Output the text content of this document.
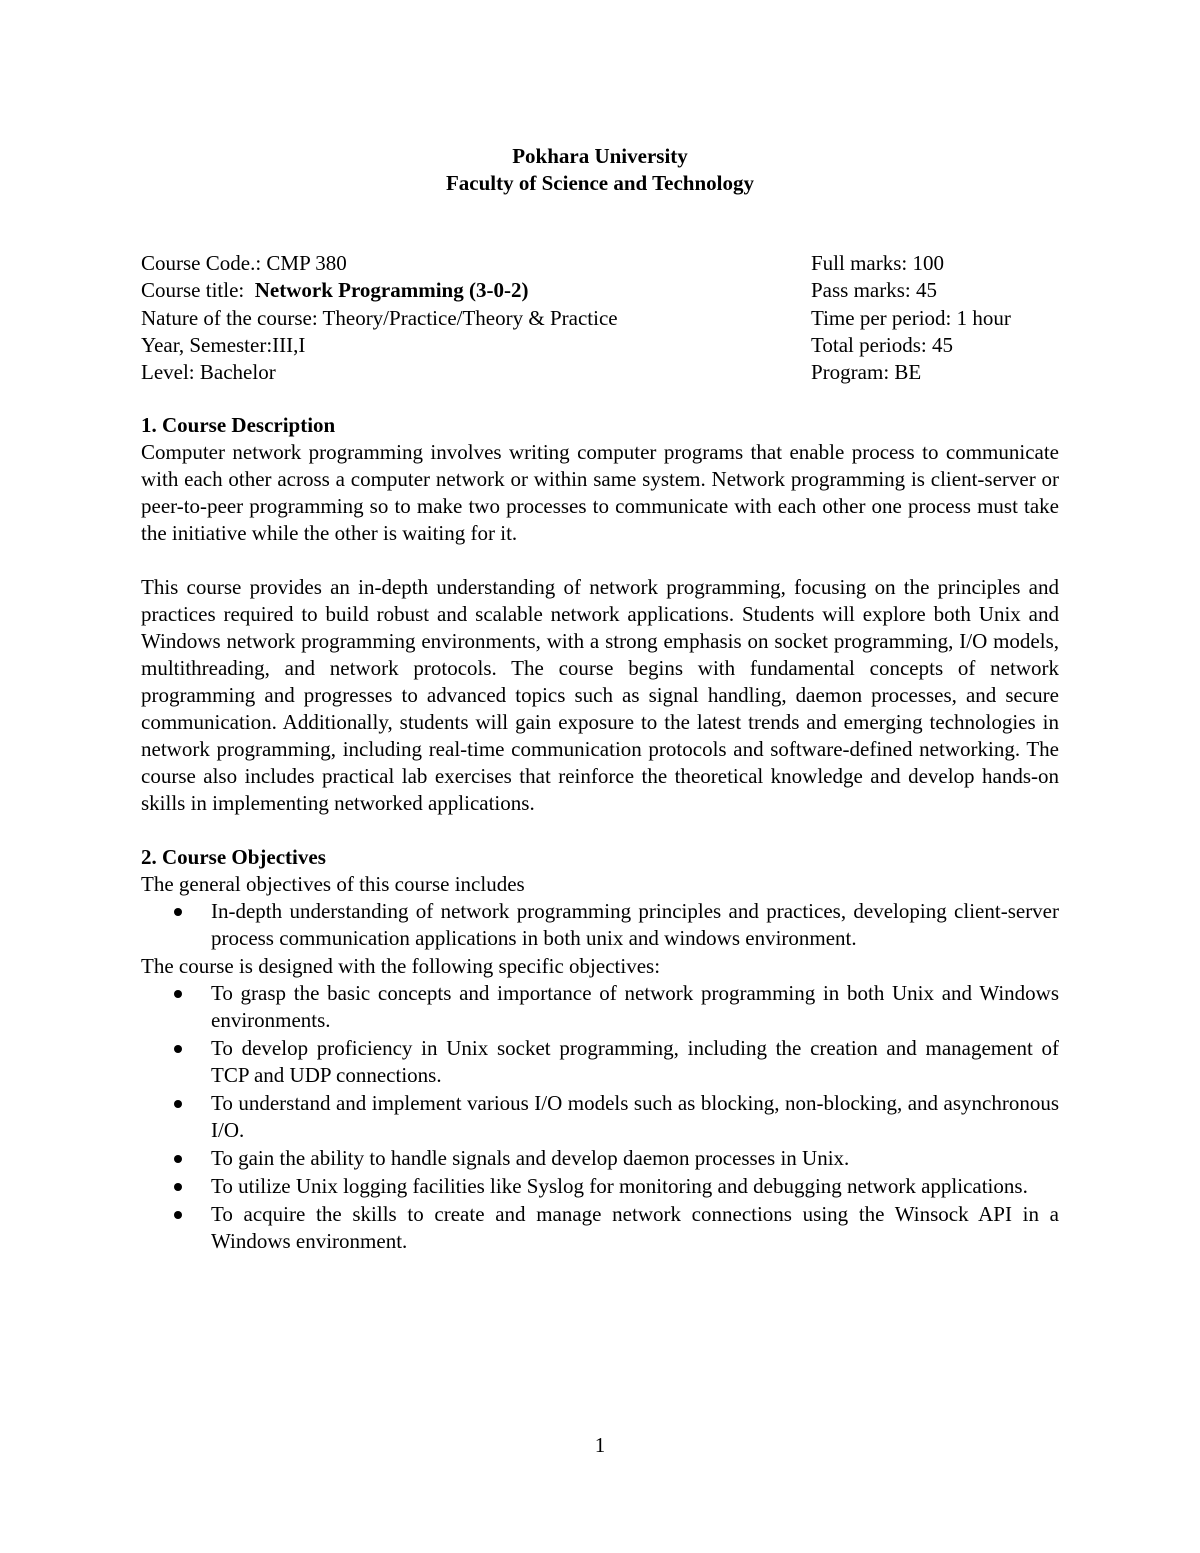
Pokhara University
Faculty of Science and Technology
Course Code.: CMP 380	Full marks: 100
Course title:  Network Programming (3-0-2)	Pass marks: 45
Nature of the course: Theory/Practice/Theory & Practice	Time per period: 1 hour
Year, Semester:III,I	Total periods: 45
Level: Bachelor	Program: BE
1. Course Description

Computer network programming involves writing computer programs that enable process to communicate with each other across a computer network or within same system. Network programming is client-server or peer-to-peer programming so to make two processes to communicate with each other one process must take the initiative while the other is waiting for it.

This course provides an in-depth understanding of network programming, focusing on the principles and practices required to build robust and scalable network applications. Students will explore both Unix and Windows network programming environments, with a strong emphasis on socket programming, I/O models, multithreading, and network protocols. The course begins with fundamental concepts of network programming and progresses to advanced topics such as signal handling, daemon processes, and secure communication. Additionally, students will gain exposure to the latest trends and emerging technologies in network programming, including real-time communication protocols and software-defined networking. The course also includes practical lab exercises that reinforce the theoretical knowledge and develop hands-on skills in implementing networked applications.

2. Course Objectives
The general objectives of this course includes
In-depth understanding of network programming principles and practices, developing client-server process communication applications in both unix and windows environment.
The course is designed with the following specific objectives:
To grasp the basic concepts and importance of network programming in both Unix and Windows environments.
To develop proficiency in Unix socket programming, including the creation and management of TCP and UDP connections.
To understand and implement various I/O models such as blocking, non-blocking, and asynchronous I/O.
To gain the ability to handle signals and develop daemon processes in Unix.
To utilize Unix logging facilities like Syslog for monitoring and debugging network applications.
To acquire the skills to create and manage network connections using the Winsock API in a Windows environment.
1
